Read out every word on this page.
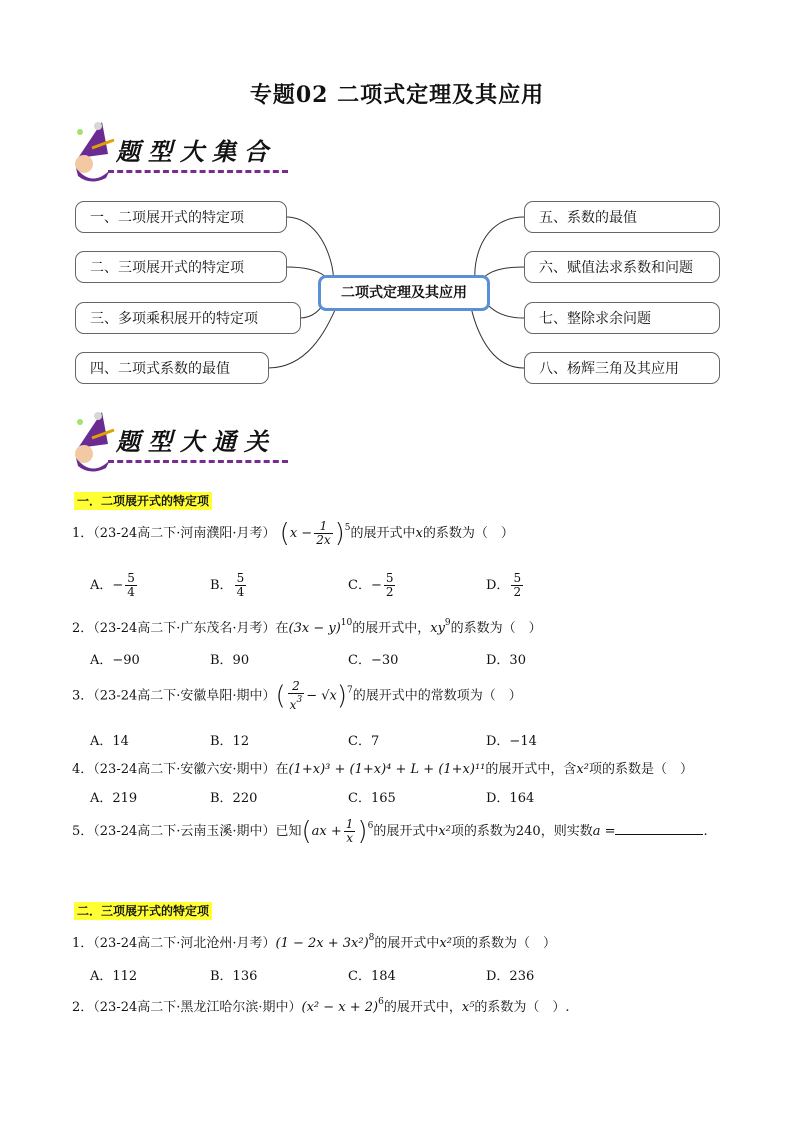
专题02 二项式定理及其应用
题型大集合
一、二项展开式的特定项
二、三项展开式的特定项
三、多项乘积展开的特定项
四、二项式系数的最值
二项式定理及其应用
五、系数的最值
六、赋值法求系数和问题
七、整除求余问题
八、杨辉三角及其应用
题型大通关
一．二项展开式的特定项
1．（23-24高二下·河南濮阳·月考） $(x - \frac{1}{2x} )^5$的展开式中x的系数为（　）
A．− $\frac{5}{4}$	B． $\frac{5}{4}$	C．− $\frac{5}{2}$	D． $\frac{5}{2}$
2．（23-24高二下·广东茂名·月考）在$(3x - y)^{10}$的展开式中，$xy^9$的系数为（　）
A．−90	B．90	C．−30	D．30
3．（23-24高二下·安徽阜阳·期中）( $\frac{2}{x^3} - √x)^7$的展开式中的常数项为（　）
A．14	B．12	C．7	D．−14
4．（23-24高二下·安徽六安·期中）在(1+x)³ + (1+x)⁴ + L + (1+x)¹¹的展开式中，含x²项的系数是（　）
A．219	B．220	C．165	D．164
5．（23-24高二下·云南玉溪·期中）已知$(ax + \frac{1}{x} )^6$的展开式中x²项的系数为240，则实数a =	.
二．三项展开式的特定项
1．（23-24高二下·河北沧州·月考）$(1 - 2x + 3x^2)^8$的展开式中x²项的系数为（　）
A．112	B．136	C．184	D．236
2．（23-24高二下·黑龙江哈尔滨·期中）$(x^2 - x + 2)^6$的展开式中，x⁵的系数为（　）.
